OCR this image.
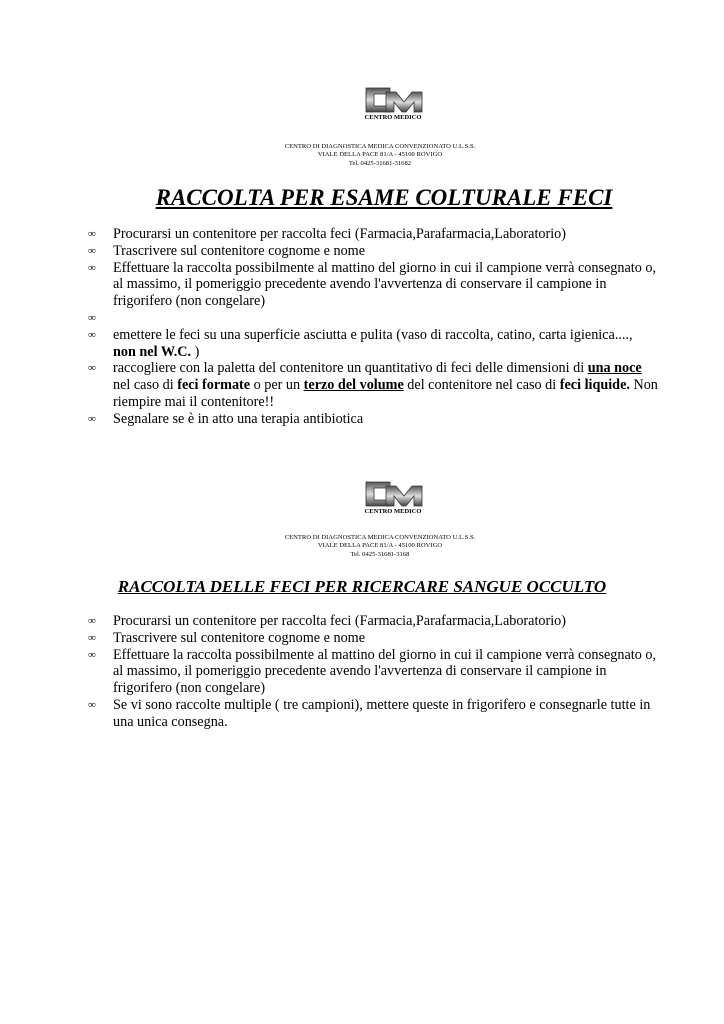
CENTRO MEDICO
CENTRO DI DIAGNOSTICA MEDICA CONVENZIONATO U.L.S.S.
VIALE DELLA PACE 81/A - 45100 ROVIGO
Tel. 0425-31681-31682
RACCOLTA PER ESAME COLTURALE FECI
∞	Procurarsi un contenitore per raccolta feci (Farmacia,Parafarmacia,Laboratorio)
∞	Trascrivere sul contenitore cognome e nome
∞	Effettuare la raccolta possibilmente al mattino del giorno in cui il campione verrà consegnato o, al massimo, il pomeriggio precedente avendo l'avvertenza di conservare il campione in frigorifero (non congelare)
∞
∞	emettere le feci su una superficie asciutta e pulita (vaso di raccolta, catino, carta igienica...., non nel W.C. )
∞	raccogliere con la paletta del contenitore un quantitativo di feci delle dimensioni di una noce nel caso di feci formate o per un terzo del volume del contenitore nel caso di feci liquide. Non riempire mai il contenitore!!
∞	Segnalare se è in atto una terapia antibiotica
CENTRO MEDICO
CENTRO DI DIAGNOSTICA MEDICA CONVENZIONATO U.L.S.S.
VIALE DELLA PACE 81/A - 45100 ROVIGO
Tel. 0425-31681-3168
RACCOLTA DELLE FECI PER RICERCARE SANGUE OCCULTO
∞	Procurarsi un contenitore per raccolta feci (Farmacia,Parafarmacia,Laboratorio)
∞	Trascrivere sul contenitore cognome e nome
∞	Effettuare la raccolta possibilmente al mattino del giorno in cui il campione verrà consegnato o, al massimo, il pomeriggio precedente avendo l'avvertenza di conservare il campione in frigorifero (non congelare)
∞	Se vi sono raccolte multiple ( tre campioni), mettere queste in frigorifero e consegnarle tutte in una unica consegna.
